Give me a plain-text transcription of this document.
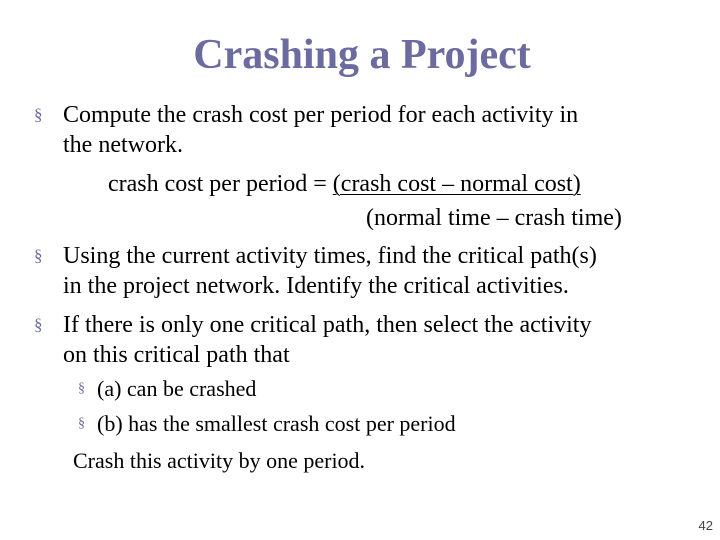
Crashing a Project
§ Compute the crash cost per period for each activity in
the network.
crash cost per period = (crash cost – normal cost)
(normal time – crash time)
§ Using the current activity times, find the critical path(s)
in the project network. Identify the critical activities.
§ If there is only one critical path, then select the activity
on this critical path that
§ (a) can be crashed
§ (b) has the smallest crash cost per period
Crash this activity by one period.
42
